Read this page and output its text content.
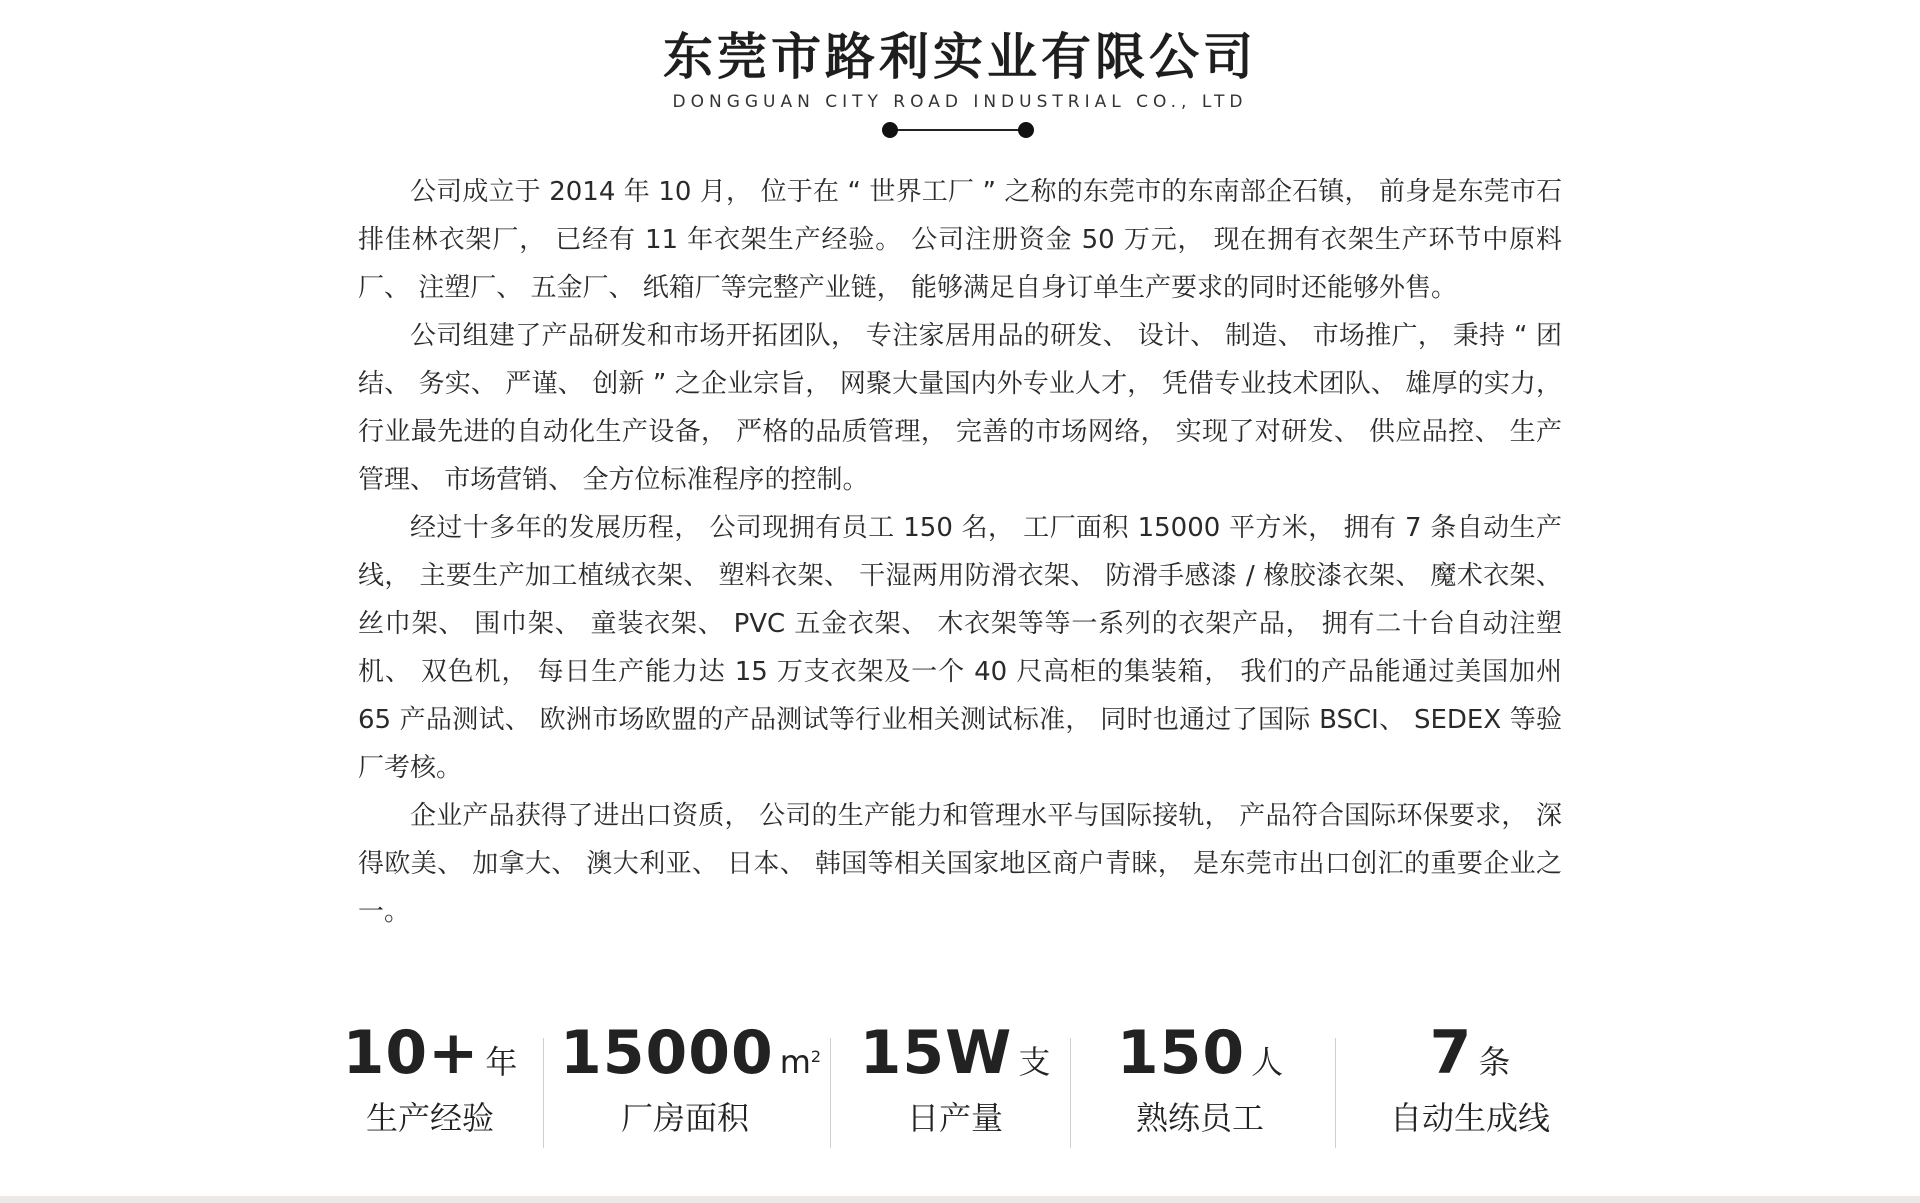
东莞市路利实业有限公司
DONGGUAN CITY ROAD INDUSTRIAL CO., LTD

公司成立于 2014 年 10 月， 位于在 “ 世界工厂 ” 之称的东莞市的东南部企石镇， 前身是东莞市石排佳林衣架厂， 已经有 11 年衣架生产经验。 公司注册资金 50 万元， 现在拥有衣架生产环节中原料厂、 注塑厂、 五金厂、 纸箱厂等完整产业链， 能够满足自身订单生产要求的同时还能够外售。

公司组建了产品研发和市场开拓团队， 专注家居用品的研发、 设计、 制造、 市场推广， 秉持 “ 团结、 务实、 严谨、 创新 ” 之企业宗旨， 网聚大量国内外专业人才， 凭借专业技术团队、 雄厚的实力， 行业最先进的自动化生产设备， 严格的品质管理， 完善的市场网络， 实现了对研发、 供应品控、 生产管理、 市场营销、 全方位标准程序的控制。

经过十多年的发展历程， 公司现拥有员工 150 名， 工厂面积 15000 平方米， 拥有 7 条自动生产线， 主要生产加工植绒衣架、 塑料衣架、 干湿两用防滑衣架、 防滑手感漆 / 橡胶漆衣架、 魔术衣架、 丝巾架、 围巾架、 童装衣架、 PVC 五金衣架、 木衣架等等一系列的衣架产品， 拥有二十台自动注塑机、 双色机， 每日生产能力达 15 万支衣架及一个 40 尺高柜的集装箱， 我们的产品能通过美国加州 65 产品测试、 欧洲市场欧盟的产品测试等行业相关测试标准， 同时也通过了国际 BSCI、 SEDEX 等验厂考核。

企业产品获得了进出口资质， 公司的生产能力和管理水平与国际接轨， 产品符合国际环保要求， 深得欧美、 加拿大、 澳大利亚、 日本、 韩国等相关国家地区商户青睐， 是东莞市出口创汇的重要企业之一。

10+ 年
生产经验
15000 $m^2$
厂房面积
15W 支
日产量
150 人
熟练员工
7 条
自动生成线
